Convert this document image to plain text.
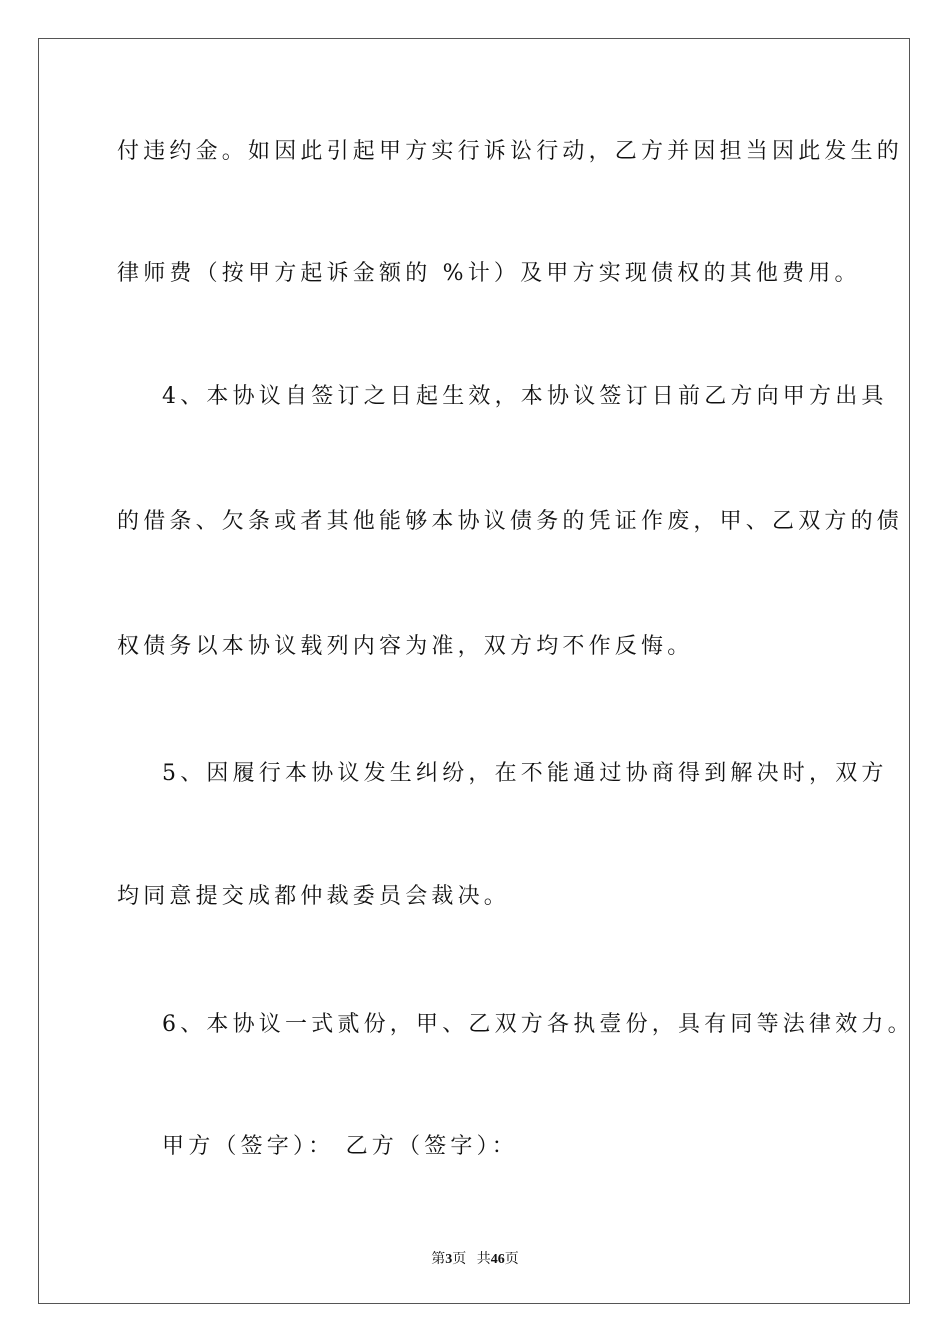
付违约金。如因此引起甲方实行诉讼行动，乙方并因担当因此发生的
律师费（按甲方起诉金额的 %计）及甲方实现债权的其他费用。
4、本协议自签订之日起生效，本协议签订日前乙方向甲方出具
的借条、欠条或者其他能够本协议债务的凭证作废，甲、乙双方的债
权债务以本协议载列内容为准，双方均不作反悔。
5、因履行本协议发生纠纷，在不能通过协商得到解决时，双方
均同意提交成都仲裁委员会裁决。
6、本协议一式贰份，甲、乙双方各执壹份，具有同等法律效力。
甲方（签字）： 乙方（签字）：
第3页 共46页
